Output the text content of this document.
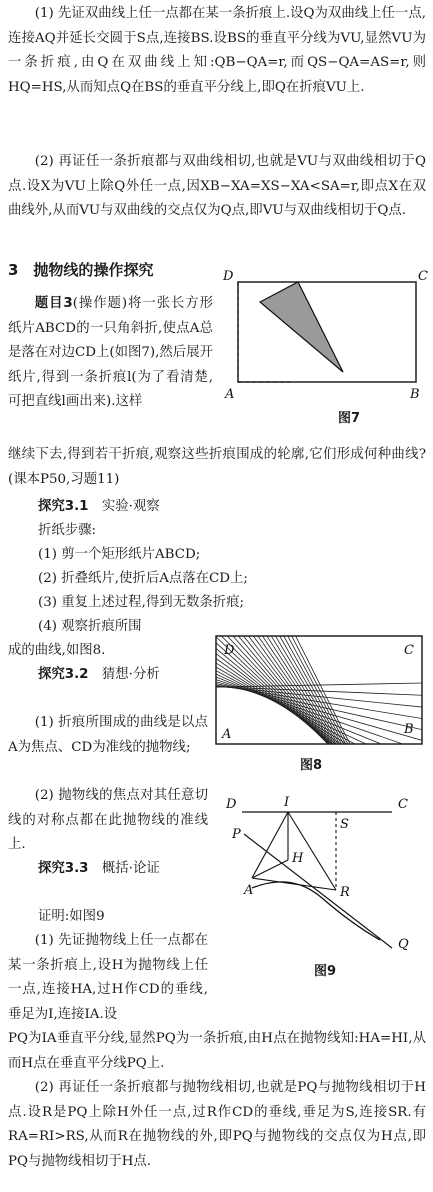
(1) 先证双曲线上任一点都在某一条折痕上.设Q为双曲线上任一点,连接AQ并延长交圆于S点,连接BS.设BS的垂直平分线为VU,显然VU为一条折痕,由Q在双曲线上知:QB−QA=r,而QS−QA=AS=r,则HQ=HS,从而知点Q在BS的垂直平分线上,即Q在折痕VU上.

(2) 再证任一条折痕都与双曲线相切,也就是VU与双曲线相切于Q点.设X为VU上除Q外任一点,因XB−XA=XS−XA<SA=r,即点X在双曲线外,从而VU与双曲线的交点仅为Q点,即VU与双曲线相切于Q点.

3　抛物线的操作探究

题目3(操作题)将一张长方形纸片ABCD的一只角斜折,使点A总是落在对边CD上(如图7),然后展开纸片,得到一条折痕l(为了看清楚,可把直线l画出来).这样

D	C
A	B
图7

继续下去,得到若干折痕,观察这些折痕围成的轮廓,它们形成何种曲线?(课本P50,习题11)

探究3.1　 实验·观察

折纸步骤:

(1) 剪一个矩形纸片ABCD;

(2) 折叠纸片,使折后A点落在CD上;

(3) 重复上述过程,得到无数条折痕;

(4) 观察折痕所围

成的曲线,如图8.	D	C
A	B
图8

探究3.2　 猜想·分析

(1) 折痕所围成的曲线是以点A为焦点、CD为准线的抛物线;

(2) 抛物线的焦点对其任意切线的对称点都在此抛物线的准线上.

探究3.3　 概括·论证

证明:如图9

(1) 先证抛物线上任一点都在某一条折痕上,设H为抛物线上任一点,连接HA,过H作CD的垂线,垂足为I,连接IA.设

D	I	C
S
P
H
A	R
Q
图9

PQ为IA垂直平分线,显然PQ为一条折痕,由H点在抛物线知:HA=HI,从而H点在垂直平分线PQ上.

(2) 再证任一条折痕都与抛物线相切,也就是PQ与抛物线相切于H点.设R是PQ上除H外任一点,过R作CD的垂线,垂足为S,连接SR.有RA=RI>RS,从而R在抛物线的外,即PQ与抛物线的交点仅为H点,即PQ与抛物线相切于H点.
